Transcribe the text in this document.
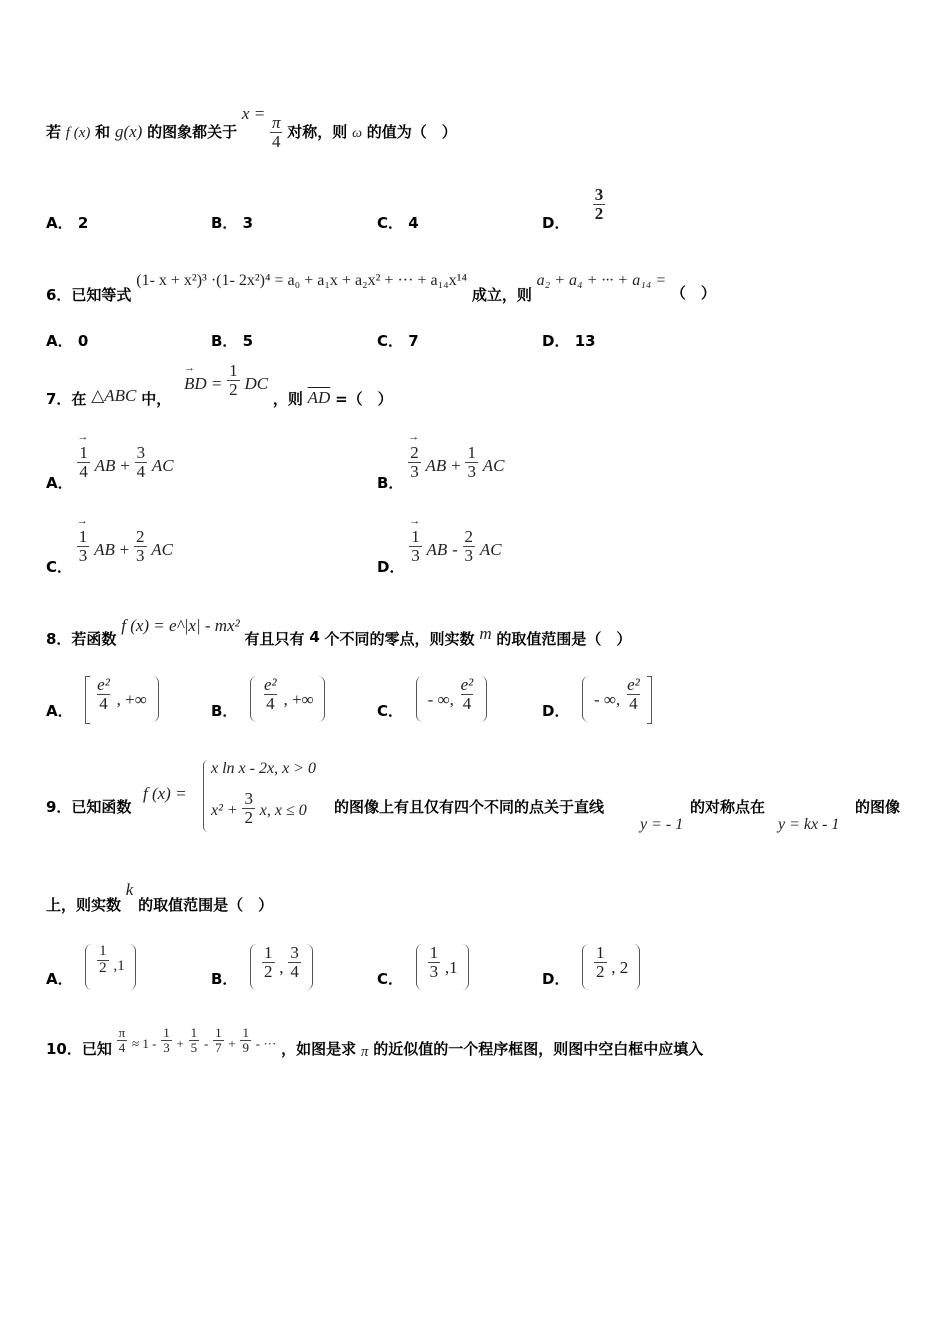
若 f (x) 和 g(x) 的图象都关于 x =
$\frac{\pi}{4}$ 对称，则 ω 的值为（　）
A． 2	B． 3	C． 4	D．
$\frac{3}{2}$
6．已知等式 (1- x + x²)³ ·(1- 2x²)⁴ = a₀ + a₁x + a₂x² + ··· + a₁₄x¹⁴ 成立，则 a₂ + a₄ + ··· + a₁₄ = （　）
A． 0	B． 5	C． 7	D． 13
7．在 △ABC 中， → BD = $\frac{1}{2}$ DC ，则 $\overline{AD}$ =（　）
A．
→ $\frac{1}{4}$ AB + $\frac{3}{4}$ AC
B．
→ $\frac{2}{3}$ AB + $\frac{1}{3}$ AC
C．
→ $\frac{1}{3}$ AB + $\frac{2}{3}$ AC
D．
→ $\frac{1}{3}$ AB - $\frac{2}{3}$ AC
8．若函数 f (x) = e^|x| - mx² 有且只有 4 个不同的零点，则实数 m 的取值范围是（　）
A． $\frac{\text{e²}}{4}$ , +∞
B． $\frac{\text{e²}}{4}$ , +∞
C．  - ∞, $\frac{\text{e²}}{4}$
	D．  - ∞, $\frac{\text{e²}}{4}$

9．已知函数
f (x) =
x ln x - 2x, x > 0
$x^2 + \frac{3}{2} x$, x ≤ 0 的图像上有且仅有四个不同的点关于直线
y = - 1
的对称点在
y = kx - 1
的图像
上，则实数 k 的取值范围是（　）
A．
$\frac{1}{2} ,1$
B． $\frac{1}{2}$ , $\frac{3}{4}$
	C． $\frac{1}{3} ,1$
D． $\frac{1}{2}$ , 2
10．已知 $\frac{\pi}{4} \approx 1 - \frac{1}{3} + \frac{1}{5} - \frac{1}{7} + \frac{1}{9}$ - ··· ，如图是求 π 的近似值的一个程序框图，则图中空白框中应填入
